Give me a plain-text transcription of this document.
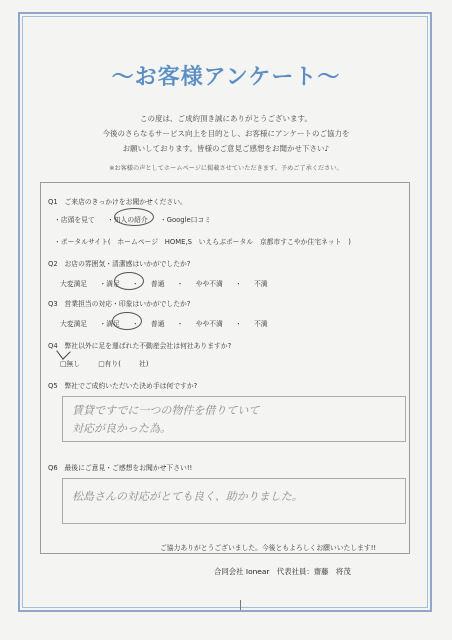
〜お客様アンケート〜
この度は、ご成約頂き誠にありがとうございます。
今後のさらなるサービス向上を目的とし、お客様にアンケートのご協力を
お願いしております。皆様のご意見ご感想をお聞かせ下さい♪
※お客様の声としてホームページに掲載させていただきます。予めご了承ください。
Q1　ご来店のきっかけをお聞かせください。
・店頭を見て ・知人の紹介 ・Google口コミ
・ポータルサイト(　ホームページ　HOME,S　いえらぶポータル　京都市すこやか住宅ネット　)
Q2　お店の雰囲気・清潔感はいかがでしたか?
大変満足 ・満足 ・ 普通 ・ やや不満 ・ 不満
Q3　営業担当の対応・印象はいかがでしたか?
大変満足 ・満足 ・ 普通 ・ やや不満 ・ 不満
Q4　弊社以外に足を運ばれた不動産会社は何社ありますか?
□無し	□有り(	社)
Q5　弊社でご成約いただいた決め手は何ですか?
賃貸ですでに一つの物件を借りていて
対応が良かった為。
Q6　最後にご意見・ご感想をお聞かせ下さい!!
松島さんの対応がとても良く、助かりました。
ご協力ありがとうございました。今後ともよろしくお願いいたします!!
合同会社 Ionear　代表社員：齋藤　将茂
